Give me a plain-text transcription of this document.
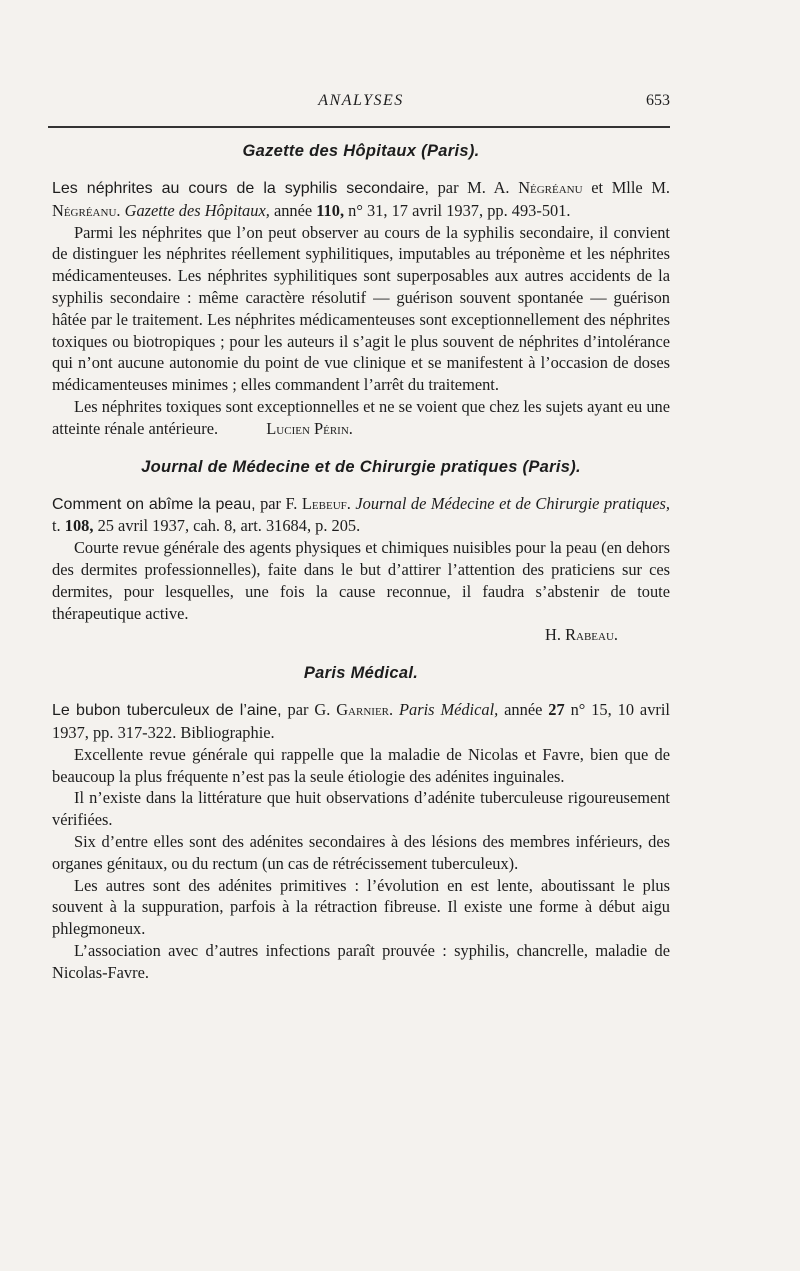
ANALYSES	653
Gazette des Hôpitaux (Paris).

Les néphrites au cours de la syphilis secondaire, par M. A. Négréanu et Mlle M. Négréanu. Gazette des Hôpitaux, année 110, n° 31, 17 avril 1937, pp. 493-501.

Parmi les néphrites que l’on peut observer au cours de la syphilis secondaire, il convient de distinguer les néphrites réellement syphilitiques, imputables au tréponème et les néphrites médicamenteuses. Les néphrites syphilitiques sont superposables aux autres accidents de la syphilis secondaire : même caractère résolutif — guérison souvent spontanée — guérison hâtée par le traitement. Les néphrites médicamenteuses sont exceptionnellement des néphrites toxiques ou biotropiques ; pour les auteurs il s’agit le plus souvent de néphrites d’intolérance qui n’ont aucune autonomie du point de vue clinique et se manifestent à l’occasion de doses médicamenteuses minimes ; elles commandent l’arrêt du traitement.

Les néphrites toxiques sont exceptionnelles et ne se voient que chez les sujets ayant eu une atteinte rénale antérieure.	Lucien Périn.

Journal de Médecine et de Chirurgie pratiques (Paris).

Comment on abîme la peau, par F. Lebeuf. Journal de Médecine et de Chirurgie pratiques, t. 108, 25 avril 1937, cah. 8, art. 31684, p. 205.

Courte revue générale des agents physiques et chimiques nuisibles pour la peau (en dehors des dermites professionnelles), faite dans le but d’attirer l’attention des praticiens sur ces dermites, pour lesquelles, une fois la cause reconnue, il faudra s’abstenir de toute thérapeutique active.

H. Rabeau.
Paris Médical.

Le bubon tuberculeux de l’aine, par G. Garnier. Paris Médical, année 27 n° 15, 10 avril 1937, pp. 317-322. Bibliographie.

Excellente revue générale qui rappelle que la maladie de Nicolas et Favre, bien que de beaucoup la plus fréquente n’est pas la seule étiologie des adénites inguinales.

Il n’existe dans la littérature que huit observations d’adénite tuberculeuse rigoureusement vérifiées.

Six d’entre elles sont des adénites secondaires à des lésions des membres inférieurs, des organes génitaux, ou du rectum (un cas de rétrécissement tuberculeux).

Les autres sont des adénites primitives : l’évolution en est lente, aboutissant le plus souvent à la suppuration, parfois à la rétraction fibreuse. Il existe une forme à début aigu phlegmoneux.

L’association avec d’autres infections paraît prouvée : syphilis, chancrelle, maladie de Nicolas-Favre.
